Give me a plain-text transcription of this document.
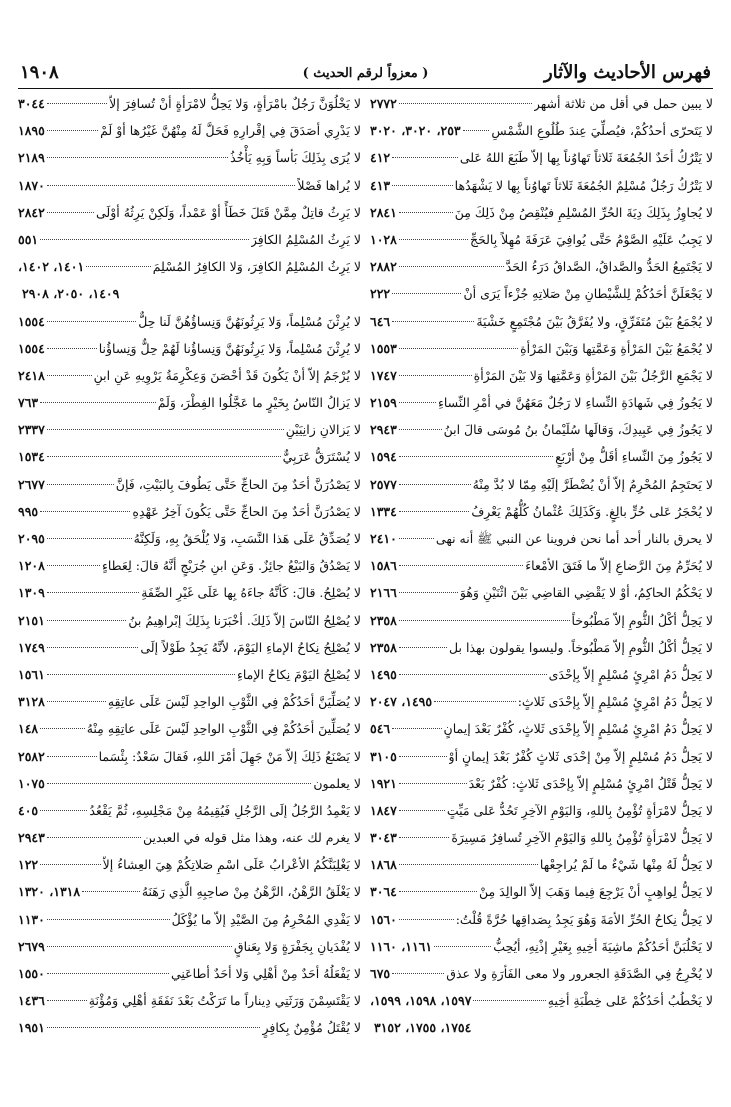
فهرس الأحاديث والآثار
( معزواً لرقم الحديث )
١٩٠٨
لا يبين حمل في أقل من ثلاثة أشهر
٢٧٧٢
لا يَتَحرّى أحدُكُمْ، فيُصلِّيَ عِندَ طُلُوعِ الشَّمْسِ
٢٥٣، ٣٠٢٠، ٣٠٢٠
لا يَتْرُكُ أحَدٌ الجُمُعَةَ ثَلاثاً تَهاوُناً بِها إلاّ طَبَعَ اللهُ عَلى
٤١٢
لا يَتْرُكُ رَجُلٌ مُسْلِمٌ الجُمُعَةَ ثَلاثاً تَهاوُناً بِها لا يَشْهَدُها
٤١٣
لا يُجاوِزُ بِذَلِكَ دِيَةَ الحُرِّ المُسْلِمِ فيُنْقِصُ مِنْ ذَلِكَ مِنَ
٢٨٤١
لا يَجِبُ عَلَيْهِ الصَّوْمُ حَتَّى يُوافِيَ عَرَفَةَ مُهِلاً بِالحَجِّ
١٠٢٨
لا يَجْتَمِعُ الحَدُّ والصَّداقُ، الصَّداقُ دَرَءُ الحَدَّ
٢٨٨٢
لا يَجْعَلَنَّ أحَدُكُمْ لِلشَّيْطانِ مِنْ صَلاتِهِ جُزْءاً يَرَى أنْ
٢٢٢
لا يُجْمَعُ بَيْنَ مُتَفَرِّقٍ، ولا يُفَرَّقُ بَيْنَ مُجْتَمِعٍ خَشْيَةَ
٦٤٦
لا يُجْمَعُ بَيْنَ المَرْأةِ وَعَمَّتِها وَبَيْنَ المَرْأةِ
١٥٥٣
لا يَجْمَعِ الرَّجُلُ بَيْنَ المَرْأةِ وَعَمَّتِها وَلا بَيْنَ المَرْأةِ
١٧٤٧
لا يَجُوزُ فِي شَهادَةِ النِّساءِ لا رَجُلٌ مَعَهُنَّ في أمْرِ النِّساءِ
٢١٥٩
لا يَجُوزُ فِي عَبِيدِكَ، وَقالَها سُلَيْمانُ بنُ مُوسَى قالَ ابنُ
٢٩٤٣
لا يَجُوزُ مِنَ النِّساءِ أقَلُّ مِنْ أرْبَعٍ
١٥٩٤
لا يَحتَجِمُ المُحْرِمُ إلاّ أنْ يُضْطَرَّ إلَيْهِ مِمّا لا بُدَّ مِنْهُ
٢٥٧٧
لا يُحْجَرُ عَلى حُرٍّ بالِغٍ. وَكَذَلِكَ عُثْمانُ كُلُّهُمْ يَعْرِفُ
١٣٣٤
لا يحرق بالنار أحد أما نحن فروينا عن النبي ﷺ أنه نهى
٢٤١٠
لا يُحَرِّمُ مِنَ الرَّضاعِ إلاّ ما فَتَقَ الأمْعاءَ
١٥٨٦
لا يَحْكُمُ الحاكِمُ، أوْ لا يَقْضِي القاضِي بَيْنَ اثْنَيْنِ وَهُوَ
٢١٦٦
لا يَحِلُّ أكْلُ الثُّومِ إلاّ مَطْبُوخاً
٢٣٥٨
لا يَحِلُّ أكْلُ الثُّومِ إلاّ مَطْبُوخاً. وليسوا يقولون بهذا بل
٢٣٥٨
لا يَحِلُّ دَمُ امْرِئٍ مُسْلِمٍ إلاّ بِإحْدَى
١٤٩٥
لا يَحِلُّ دَمُ امْرِئٍ مُسْلِمٍ إلاّ بِإحْدَى ثَلاثٍ:
١٤٩٥، ٢٠٤٧
لا يَحِلُّ دَمُ امْرِئٍ مُسْلِمٍ إلاّ بِإحْدَى ثَلاثٍ، كُفْرٌ بَعْدَ إيمانٍ
٥٤٦
لا يَحِلُّ دَمُ مُسْلِمٍ إلاّ مِنْ إحْدَى ثَلاثٍ كُفْرٌ بَعْدَ إيمانٍ أوْ
٣١٠٥
لا يَحِلُّ قَتْلُ امْرِئٍ مُسْلِمٍ إلاّ بِإحْدَى ثَلاثٍ: كُفْرٌ بَعْدَ
١٩٢١
لا يَحِلُّ لامْرَأةٍ تُؤْمِنُ بِاللهِ، وَاليَوْمِ الآخِرِ تَحُدُّ عَلى مَيِّتٍ
١٨٤٧
لا يَحِلُّ لامْرَأةٍ تُؤْمِنُ بِاللهِ وَاليَوْمِ الآخِرِ تُسافِرُ مَسِيرَةَ
٣٠٤٣
لا يَحِلُّ لَهُ مِنْها شَيْءٌ ما لَمْ يُراجِعْها
١٨٦٨
لا يَحِلُّ لِواهِبٍ أنْ يَرْجِعَ فِيما وَهَبَ إلاّ الوالِدَ مِنْ
٣٠٦٤
لا يَحِلُّ نِكاحُ الحُرِّ الأمَةَ وَهُوَ يَجِدُ بِصَداقِها حُرَّةً قُلْتُ:
١٥٦٠
لا يَحْلُبَنَّ أحَدُكُمْ ماشِيَةَ أخِيهِ بِغَيْرِ إذْنِهِ، أيُحِبُّ
١١٦١، ١١٦٠
لا يُخْرِجُ فِي الصَّدَقَةِ الجعرور ولا معى الفَأرَةِ ولا عذق
٦٧٥
لا يَخْطُبُ أحَدُكُمْ عَلى خِطْبَةِ أخِيهِ
١٥٩٧، ١٥٩٨، ١٥٩٩،
١٧٥٤، ١٧٥٥، ٣١٥٢
لا يَخْلُوَنَّ رَجُلٌ بامْرَأةٍ، وَلا يَحِلُّ لامْرَأةٍ أنْ تُسافِرَ إلاّ
٣٠٤٤
لا يَدْرِي أصَدَقَ فِي إقْرارِهِ فَحَلَّ لَهُ مِنْهُنَّ غَيْرُها أوْ لَمْ
١٨٩٥
لا يُرَى بِذَلِكَ بَأساً وَبِهِ يَأْخُذُ
٢١٨٩
لا يُراها فَصْلاً
١٨٧٠
لا يَرِثُ قاتِلٌ مِمَّنْ قَتَلَ خَطَأً أوْ عَمْداً، وَلَكِنْ يَرِثُهُ أوْلَى
٢٨٤٢
لا يَرِثُ المُسْلِمُ الكافِرَ
٥٥١
لا يَرِثُ المُسْلِمُ الكافِرَ، وَلا الكافِرُ المُسْلِمَ
١٤٠١، ١٤٠٢،
١٤٠٩، ٢٠٥٠، ٢٩٠٨
لا يُرِثْنَ مُسْلِماً، وَلا يَرِثُونَهُنَّ وَنِساؤُهُنَّ لَنا حِلٌّ
١٥٥٤
لا يُرِثْنَ مُسْلِماً، وَلا يَرِثُونَهُنَّ وَنِساؤُنا لَهُمْ حِلٌّ وَنِساؤُنا
١٥٥٤
لا يُرْجَمُ إلاّ أنْ يَكُونَ قَدْ أحْصَنَ وَعِكْرِمَةُ يَرْوِيهِ عَنِ ابنِ
٢٤١٨
لا يَزالُ النّاسُ بِخَيْرٍ ما عَجَّلُوا الفِطْرَ، وَلَمْ
٧٦٣
لا يَزالانِ زانِيَيْنِ
٢٣٣٧
لا يُسْتَرَقُّ عَرَبِيٌّ
١٥٣٤
لا يَصْدُرَنَّ أحَدٌ مِنَ الحاجِّ حَتَّى يَطُوفَ بِالبَيْتِ، فَإنَّ
٢٦٧٧
لا يَصْدُرَنَّ أحَدٌ مِنَ الحاجِّ حَتَّى يَكُونَ آخِرُ عَهْدِهِ
٩٩٥
لا يُصَدِّقُ عَلَى هَذا النَّسَبِ، وَلا يُلْحَقُ بِهِ، وَلَكِنَّهُ
٢٠٩٥
لا يَصْدُقُ وَالبَيْعُ جائِزٌ. وَعَنِ ابنِ جُرَيْجٍ أنَّهُ قالَ: لِعَطاءٍ
١٢٠٨
لا يُصْلِحُ. قالَ: كَأنَّهُ جاءَهُ بِها عَلَى غَيْرِ الصِّفَةِ
١٣٠٩
لا يُصْلِحُ النّاسَ إلاّ ذَلِكَ. أخْبَرَنا بِذَلِكَ إبْراهِيمُ بنُ
٢١٥١
لا يُصْلِحُ نِكاحُ الإماءِ اليَوْمَ، لأنَّهُ يَجِدُ طَوْلاً إلَى
١٧٤٩
لا يُصْلِحُ اليَوْمَ نِكاحُ الإماءِ
١٥٦١
لا يُصَلِّيَنَّ أحَدُكُمْ فِي الثَّوْبِ الواحِدِ لَيْسَ عَلَى عاتِقِهِ
٣١٢٨
لا يُصَلِّينَ أحَدُكُمْ فِي الثَّوْبِ الواحِدِ لَيْسَ عَلَى عاتِقِهِ مِنْهُ
١٤٨
لا يَصْنَعُ ذَلِكَ إلاّ مَنْ جَهِلَ أمْرَ اللهِ، فَقالَ سَعْدٌ: بِئْسَما
٢٥٨٢
لا يعلمون
١٠٧٥
لا يَعْمِدُ الرَّجُلُ إلَى الرَّجُلِ فَيُقِيمُهُ مِنْ مَجْلِسِهِ، ثُمَّ يَقْعُدُ
٤٠٥
لا يغرم لك عنه، وهذا مثل قوله في العبدين
٢٩٤٣
لا يَغْلِبَنَّكُمُ الأعْرابُ عَلَى اسْمِ صَلاتِكُمْ هِيَ العِشاءُ إلاّ
١٢٢
لا يَغْلَقُ الرَّهْنُ، الرَّهْنُ مِنْ صاحِبِهِ الَّذِي رَهَنَهُ
١٣١٨، ١٣٢٠
لا يَفْدِي المُحْرِمُ مِنَ الصَّيْدِ إلاّ ما يُؤْكَلُ
١١٣٠
لا يُفْدَيانِ بِجَفْرَةٍ وَلا بِعَناقٍ
٢٦٧٩
لا يَفْعَلُهُ أحَدٌ مِنْ أهْلِي وَلا أحَدٌ أطاعَنِي
١٥٥٠
لا يَقْتَسِمْنَ وَرَثَتِي دِيناراً ما تَرَكْتُ بَعْدَ نَفَقَةِ أهْلِي وَمُؤْنَةِ
١٤٣٦
لا يُقْتَلُ مُؤْمِنٌ بِكافِرٍ
١٩٥١
